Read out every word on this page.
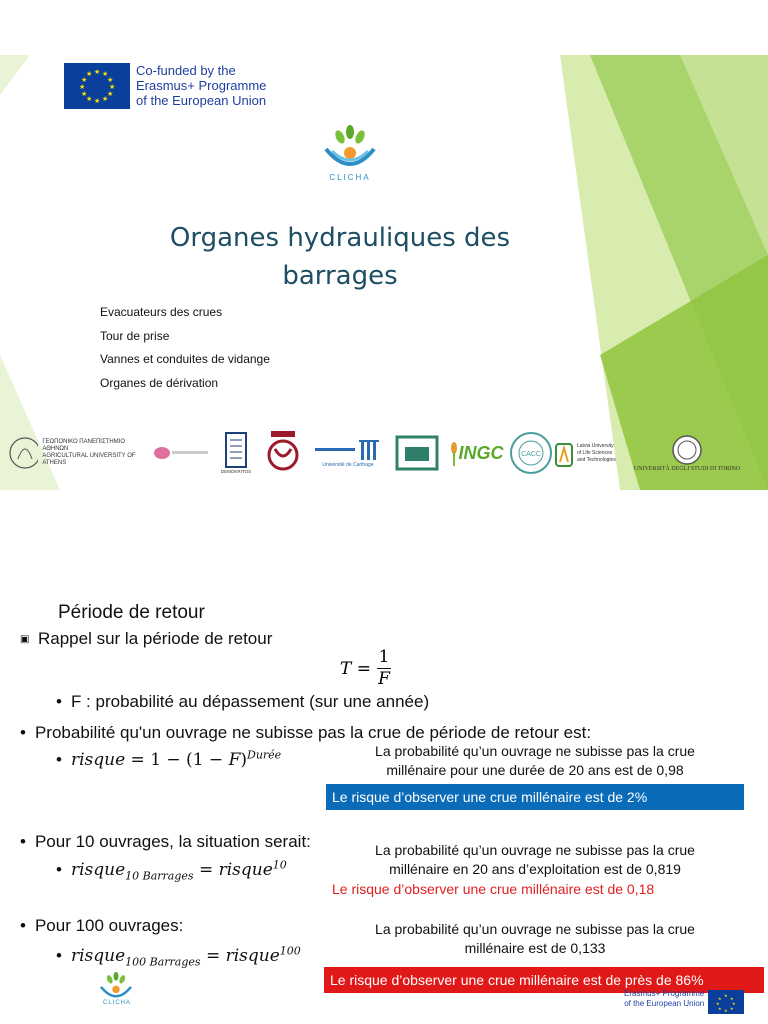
★ ★
★
★
★
★
★
★
★
★
★
★	Co-funded by the
Erasmus+ Programme
of the European Union
CLICHA
Organes hydrauliques des
barrages
Evacuateurs des crues
Tour de prise
Vannes et conduites de vidange
Organes de dérivation
ΓΕΩΠΟΝΙΚΟ ΠΑΝΕΠΙΣΤΗΜΙΟ ΑΘΗΝΩΝ
AGRICULTURAL UNIVERSITY OF ATHENS
DEMOKRITOS
Université de Carthage
INGC	CACC
Latvia University
of Life Sciences
and Technologies
UNIVERSITÀ DEGLI STUDI DI TORINO
Période de retour
▣ Rappel sur la période de retour
T =
1
F
• F : probabilité au dépassement (sur une année)
• Probabilité qu'un ouvrage ne subisse pas la crue de période de retour est:
• risque = $1 - (1 - F)^{Durée}$	La probabilité qu’un ouvrage ne subisse pas la crue
millénaire pour une durée de 20 ans est de 0,98
Le risque d’observer une crue millénaire est de 2%
• Pour 10 ouvrages, la situation serait:
• risque$_{10 Barrages}$ = risque$^{10}$
La probabilité qu’un ouvrage ne subisse pas la crue
millénaire en 20 ans d’exploitation est de 0,819
Le risque d’observer une crue millénaire est de 0,18
• Pour 100 ouvrages:
• risque$_{100 Barrages}$ = risque$^{100}$
La probabilité qu’un ouvrage ne subisse pas la crue
millénaire est de 0,133
Le risque d’observer une crue millénaire est de près de 86%
CLICHA
Erasmus+ Programme
of the European Union
★
★
★
★
★
★
★
★
